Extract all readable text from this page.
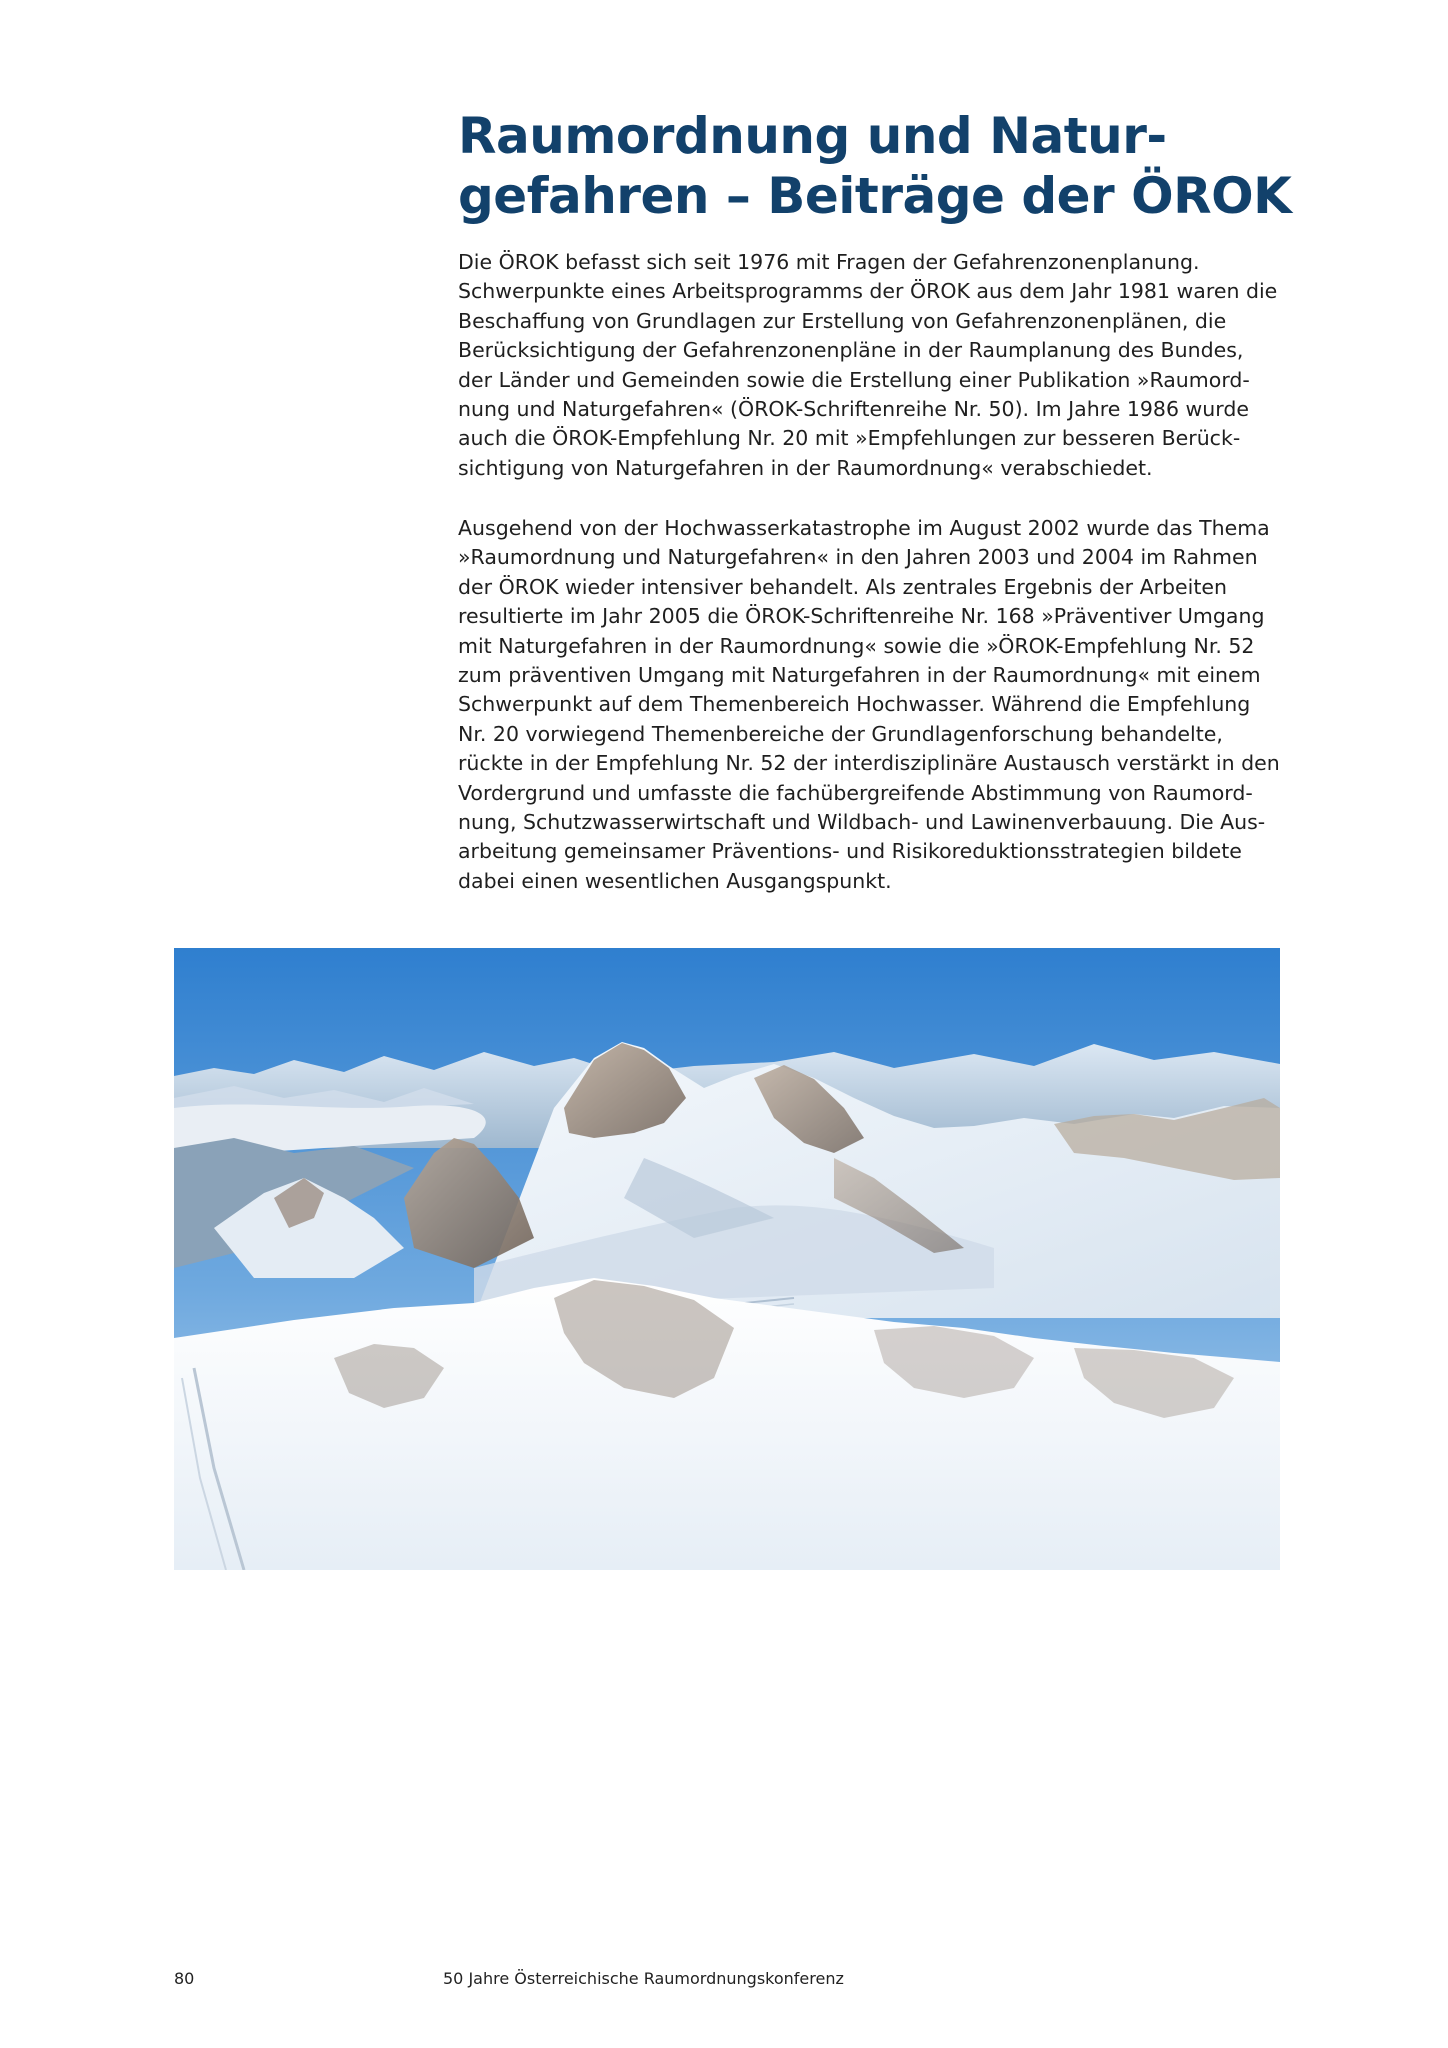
Raumordnung und Natur-
gefahren – Beiträge der ÖROK
Die ÖROK befasst sich seit 1976 mit Fragen der Gefahrenzonenplanung.
Schwerpunkte eines Arbeitsprogramms der ÖROK aus dem Jahr 1981 waren die
Beschaffung von Grundlagen zur Erstellung von Gefahrenzonenplänen, die
Berücksichtigung der Gefahrenzonenpläne in der Raumplanung des Bundes,
der Länder und Gemeinden sowie die Erstellung einer Publikation »Raumord-
nung und Naturgefahren« (ÖROK-Schriftenreihe Nr. 50). Im Jahre 1986 wurde
auch die ÖROK-Empfehlung Nr. 20 mit »Empfehlungen zur besseren Berück-
sichtigung von Naturgefahren in der Raumordnung« verabschiedet.
Ausgehend von der Hochwasserkatastrophe im August 2002 wurde das Thema
»Raumordnung und Naturgefahren« in den Jahren 2003 und 2004 im Rahmen
der ÖROK wieder intensiver behandelt. Als zentrales Ergebnis der Arbeiten
resultierte im Jahr 2005 die ÖROK-Schriftenreihe Nr. 168 »Präventiver Umgang
mit Naturgefahren in der Raumordnung« sowie die »ÖROK-Empfehlung Nr. 52
zum präventiven Umgang mit Naturgefahren in der Raumordnung« mit einem
Schwerpunkt auf dem Themenbereich Hochwasser. Während die Empfehlung
Nr. 20 vorwiegend Themenbereiche der Grundlagenforschung behandelte,
rückte in der Empfehlung Nr. 52 der interdisziplinäre Austausch verstärkt in den
Vordergrund und umfasste die fachübergreifende Abstimmung von Raumord-
nung, Schutzwasserwirtschaft und Wildbach- und Lawinenverbauung. Die Aus-
arbeitung gemeinsamer Präventions- und Risikoreduktionsstrategien bildete
dabei einen wesentlichen Ausgangspunkt.
80	50 Jahre Österreichische Raumordnungskonferenz
